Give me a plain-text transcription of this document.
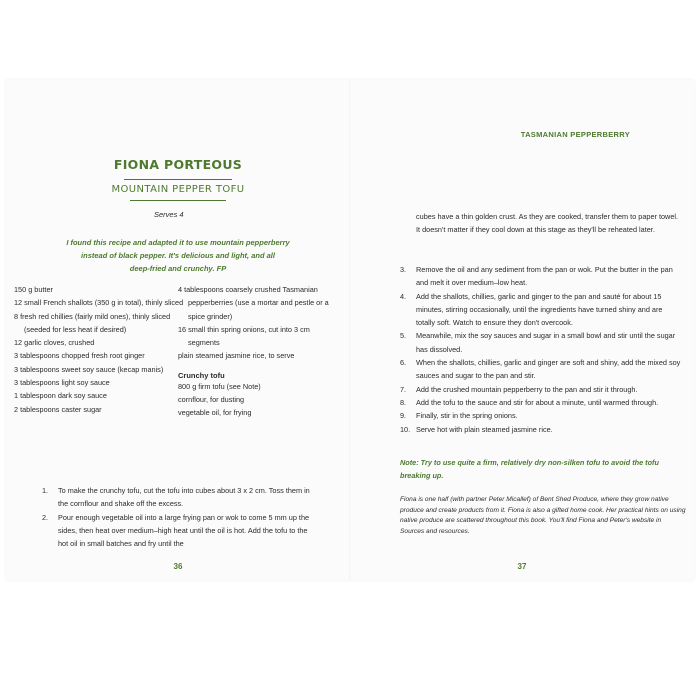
FIONA PORTEOUS
MOUNTAIN PEPPER TOFU
Serves 4
I found this recipe and adapted it to use mountain pepperberry
instead of black pepper. It's delicious and light, and all
deep-fried and crunchy. FP
150 g butter
12 small French shallots (350 g in total), thinly sliced
8 fresh red chillies (fairly mild ones), thinly sliced (seeded for less heat if desired)
12 garlic cloves, crushed
3 tablespoons chopped fresh root ginger
3 tablespoons sweet soy sauce (kecap manis)
3 tablespoons light soy sauce
1 tablespoon dark soy sauce
2 tablespoons caster sugar
4 tablespoons coarsely crushed Tasmanian pepperberries (use a mortar and pestle or a spice grinder)
16 small thin spring onions, cut into 3 cm segments
plain steamed jasmine rice, to serve
Crunchy tofu
800 g firm tofu (see Note)
cornflour, for dusting
vegetable oil, for frying
1. To make the crunchy tofu, cut the tofu into cubes about 3 x 2 cm. Toss them in the cornflour and shake off the excess.
2. Pour enough vegetable oil into a large frying pan or wok to come 5 mm up the sides, then heat over medium–high heat until the oil is hot. Add the tofu to the hot oil in small batches and fry until the
36
TASMANIAN PEPPERBERRY
cubes have a thin golden crust. As they are cooked, transfer them to paper towel. It doesn't matter if they cool down at this stage as they'll be reheated later.
3. Remove the oil and any sediment from the pan or wok. Put the butter in the pan and melt it over medium–low heat.
4. Add the shallots, chillies, garlic and ginger to the pan and sauté for about 15 minutes, stirring occasionally, until the ingredients have turned shiny and are totally soft. Watch to ensure they don't overcook.
5. Meanwhile, mix the soy sauces and sugar in a small bowl and stir until the sugar has dissolved.
6. When the shallots, chillies, garlic and ginger are soft and shiny, add the mixed soy sauces and sugar to the pan and stir.
7. Add the crushed mountain pepperberry to the pan and stir it through.
8. Add the tofu to the sauce and stir for about a minute, until warmed through.
9. Finally, stir in the spring onions.
10. Serve hot with plain steamed jasmine rice.
Note: Try to use quite a firm, relatively dry non-silken tofu to avoid the tofu breaking up.
Fiona is one half (with partner Peter Micallef) of Bent Shed Produce, where they grow native produce and create products from it. Fiona is also a gifted home cook. Her practical hints on using native produce are scattered throughout this book. You'll find Fiona and Peter's website in Sources and resources.
37
